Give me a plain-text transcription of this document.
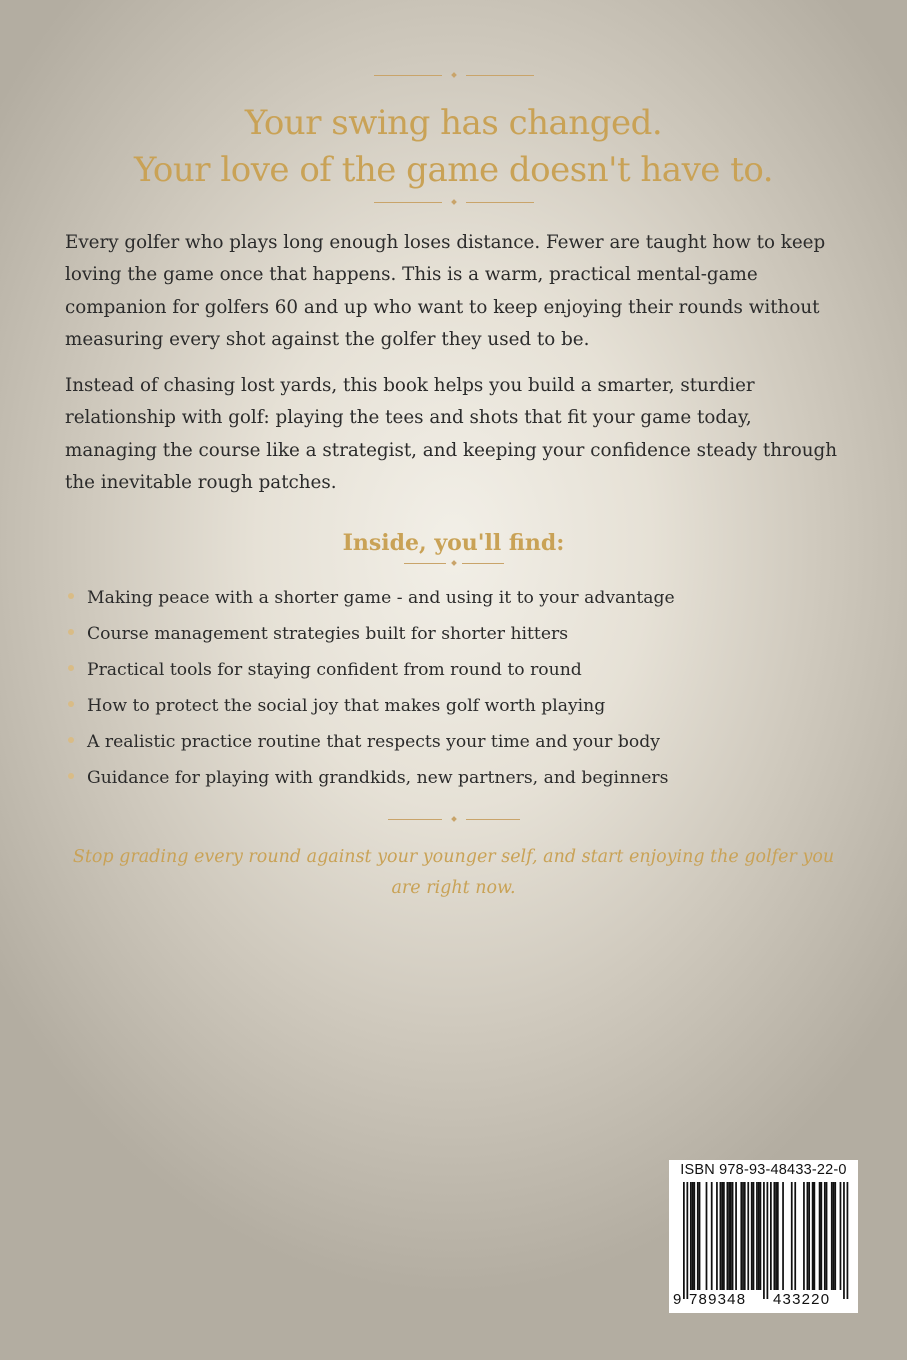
Your swing has changed.
Your love of the game doesn't have to.

Every golfer who plays long enough loses distance. Fewer are taught how to keep loving the game once that happens. This is a warm, practical mental-game companion for golfers 60 and up who want to keep enjoying their rounds without measuring every shot against the golfer they used to be.

Instead of chasing lost yards, this book helps you build a smarter, sturdier relationship with golf: playing the tees and shots that fit your game today, managing the course like a strategist, and keeping your confidence steady through the inevitable rough patches.

Inside, you'll find:
Making peace with a shorter game - and using it to your advantage
Course management strategies built for shorter hitters
Practical tools for staying confident from round to round
How to protect the social joy that makes golf worth playing
A realistic practice routine that respects your time and your body
Guidance for playing with grandkids, new partners, and beginners

Stop grading every round against your younger self, and start enjoying the golfer you are right now.

ISBN 978-93-48433-22-0
9 789348 433220
